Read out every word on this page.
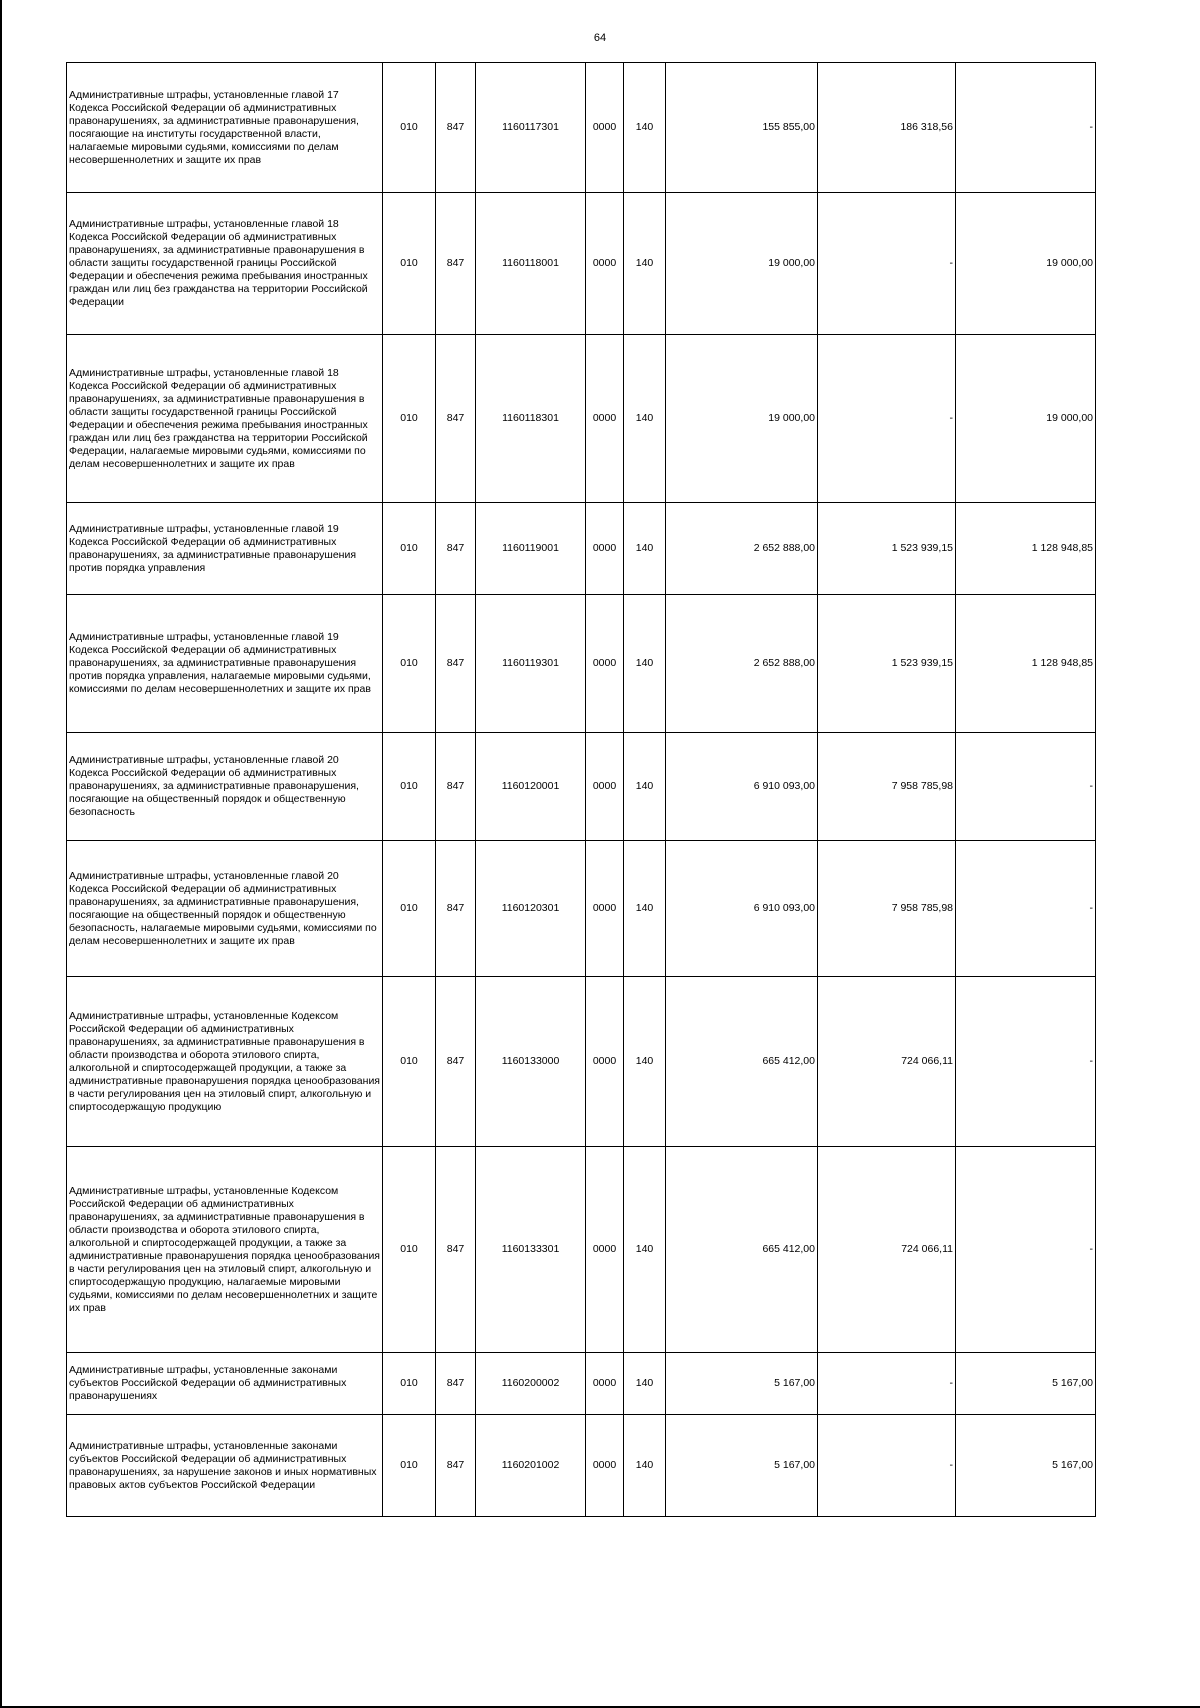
64
Административные штрафы, установленные главой 17 Кодекса Российской Федерации об административных правонарушениях, за административные правонарушения, посягающие на институты государственной власти, налагаемые мировыми судьями, комиссиями по делам несовершеннолетних и защите их прав	010	847	1160117301	0000	140	155 855,00	186 318,56	-
Административные штрафы, установленные главой 18 Кодекса Российской Федерации об административных правонарушениях, за административные правонарушения в области защиты государственной границы Российской Федерации и обеспечения режима пребывания иностранных граждан или лиц без гражданства на территории Российской Федерации	010	847	1160118001	0000	140	19 000,00	-	19 000,00
Административные штрафы, установленные главой 18 Кодекса Российской Федерации об административных правонарушениях, за административные правонарушения в области защиты государственной границы Российской Федерации и обеспечения режима пребывания иностранных граждан или лиц без гражданства на территории Российской Федерации, налагаемые мировыми судьями, комиссиями по делам несовершеннолетних и защите их прав	010	847	1160118301	0000	140	19 000,00	-	19 000,00
Административные штрафы, установленные главой 19 Кодекса Российской Федерации об административных правонарушениях, за административные правонарушения против порядка управления	010	847	1160119001	0000	140	2 652 888,00	1 523 939,15	1 128 948,85
Административные штрафы, установленные главой 19 Кодекса Российской Федерации об административных правонарушениях, за административные правонарушения против порядка управления, налагаемые мировыми судьями, комиссиями по делам несовершеннолетних и защите их прав	010	847	1160119301	0000	140	2 652 888,00	1 523 939,15	1 128 948,85
Административные штрафы, установленные главой 20 Кодекса Российской Федерации об административных правонарушениях, за административные правонарушения, посягающие на общественный порядок и общественную безопасность	010	847	1160120001	0000	140	6 910 093,00	7 958 785,98	-
Административные штрафы, установленные главой 20 Кодекса Российской Федерации об административных правонарушениях, за административные правонарушения, посягающие на общественный порядок и общественную безопасность, налагаемые мировыми судьями, комиссиями по делам несовершеннолетних и защите их прав	010	847	1160120301	0000	140	6 910 093,00	7 958 785,98	-
Административные штрафы, установленные Кодексом Российской Федерации об административных правонарушениях, за административные правонарушения в области производства и оборота этилового спирта, алкогольной и спиртосодержащей продукции, а также за административные правонарушения порядка ценообразования в части регулирования цен на этиловый спирт, алкогольную и спиртосодержащую продукцию	010	847	1160133000	0000	140	665 412,00	724 066,11	-
Административные штрафы, установленные Кодексом Российской Федерации об административных правонарушениях, за административные правонарушения в области производства и оборота этилового спирта, алкогольной и спиртосодержащей продукции, а также за административные правонарушения порядка ценообразования в части регулирования цен на этиловый спирт, алкогольную и спиртосодержащую продукцию, налагаемые мировыми судьями, комиссиями по делам несовершеннолетних и защите их прав	010	847	1160133301	0000	140	665 412,00	724 066,11	-
Административные штрафы, установленные законами субъектов Российской Федерации об административных правонарушениях	010	847	1160200002	0000	140	5 167,00	-	5 167,00
Административные штрафы, установленные законами субъектов Российской Федерации об административных правонарушениях, за нарушение законов и иных нормативных правовых актов субъектов Российской Федерации	010	847	1160201002	0000	140	5 167,00	-	5 167,00
